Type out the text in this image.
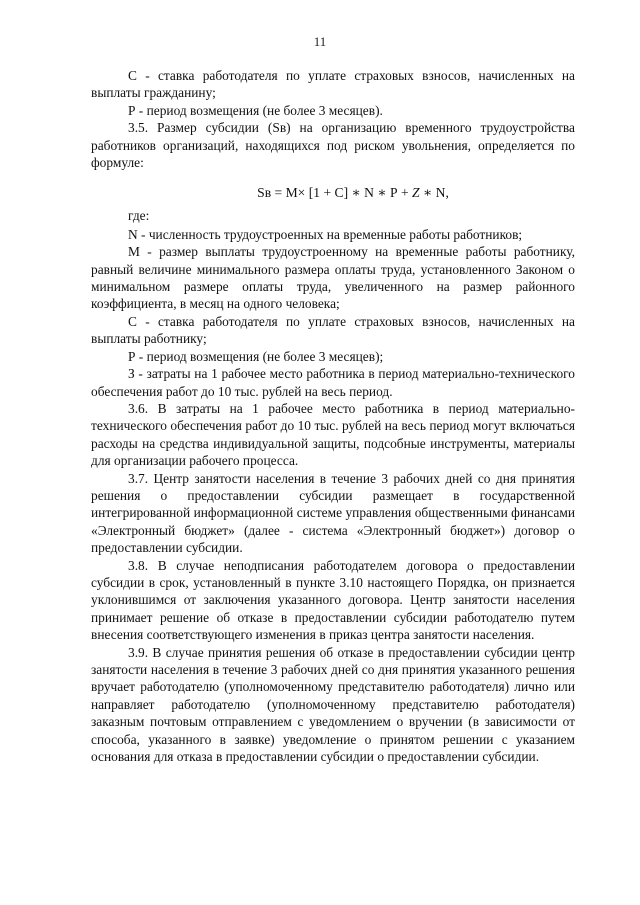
11

С - ставка работодателя по уплате страховых взносов, начисленных на выплаты гражданину;

Р - период возмещения (не более 3 месяцев).

3.5. Размер субсидии (Sв) на организацию временного трудоустройства работников организаций, находящихся под риском увольнения, определяется по формуле:

Sв = М× [1 + С] ∗ N ∗ Р + Z ∗ N,

где:

N - численность трудоустроенных на временные работы работников;

М - размер выплаты трудоустроенному на временные работы работнику, равный величине минимального размера оплаты труда, установленного Законом о минимальном размере оплаты труда, увеличенного на размер районного коэффициента, в месяц на одного человека;

С - ставка работодателя по уплате страховых взносов, начисленных на выплаты работнику;

Р - период возмещения (не более 3 месяцев);

З - затраты на 1 рабочее место работника в период материально-технического обеспечения работ до 10 тыс. рублей на весь период.

3.6. В затраты на 1 рабочее место работника в период материально-технического обеспечения работ до 10 тыс. рублей на весь период могут включаться расходы на средства индивидуальной защиты, подсобные инструменты, материалы для организации рабочего процесса.

3.7. Центр занятости населения в течение 3 рабочих дней со дня принятия решения о предоставлении субсидии размещает в государственной интегрированной информационной системе управления общественными финансами «Электронный бюджет» (далее - система «Электронный бюджет») договор о предоставлении субсидии.

3.8. В случае неподписания работодателем договора о предоставлении субсидии в срок, установленный в пункте 3.10 настоящего Порядка, он признается уклонившимся от заключения указанного договора. Центр занятости населения принимает решение об отказе в предоставлении субсидии работодателю путем внесения соответствующего изменения в приказ центра занятости населения.

3.9. В случае принятия решения об отказе в предоставлении субсидии центр занятости населения в течение 3 рабочих дней со дня принятия указанного решения вручает работодателю (уполномоченному представителю работодателя) лично или направляет работодателю (уполномоченному представителю работодателя) заказным почтовым отправлением с уведомлением о вручении (в зависимости от способа, указанного в заявке) уведомление о принятом решении с указанием основания для отказа в предоставлении субсидии о предоставлении субсидии.
